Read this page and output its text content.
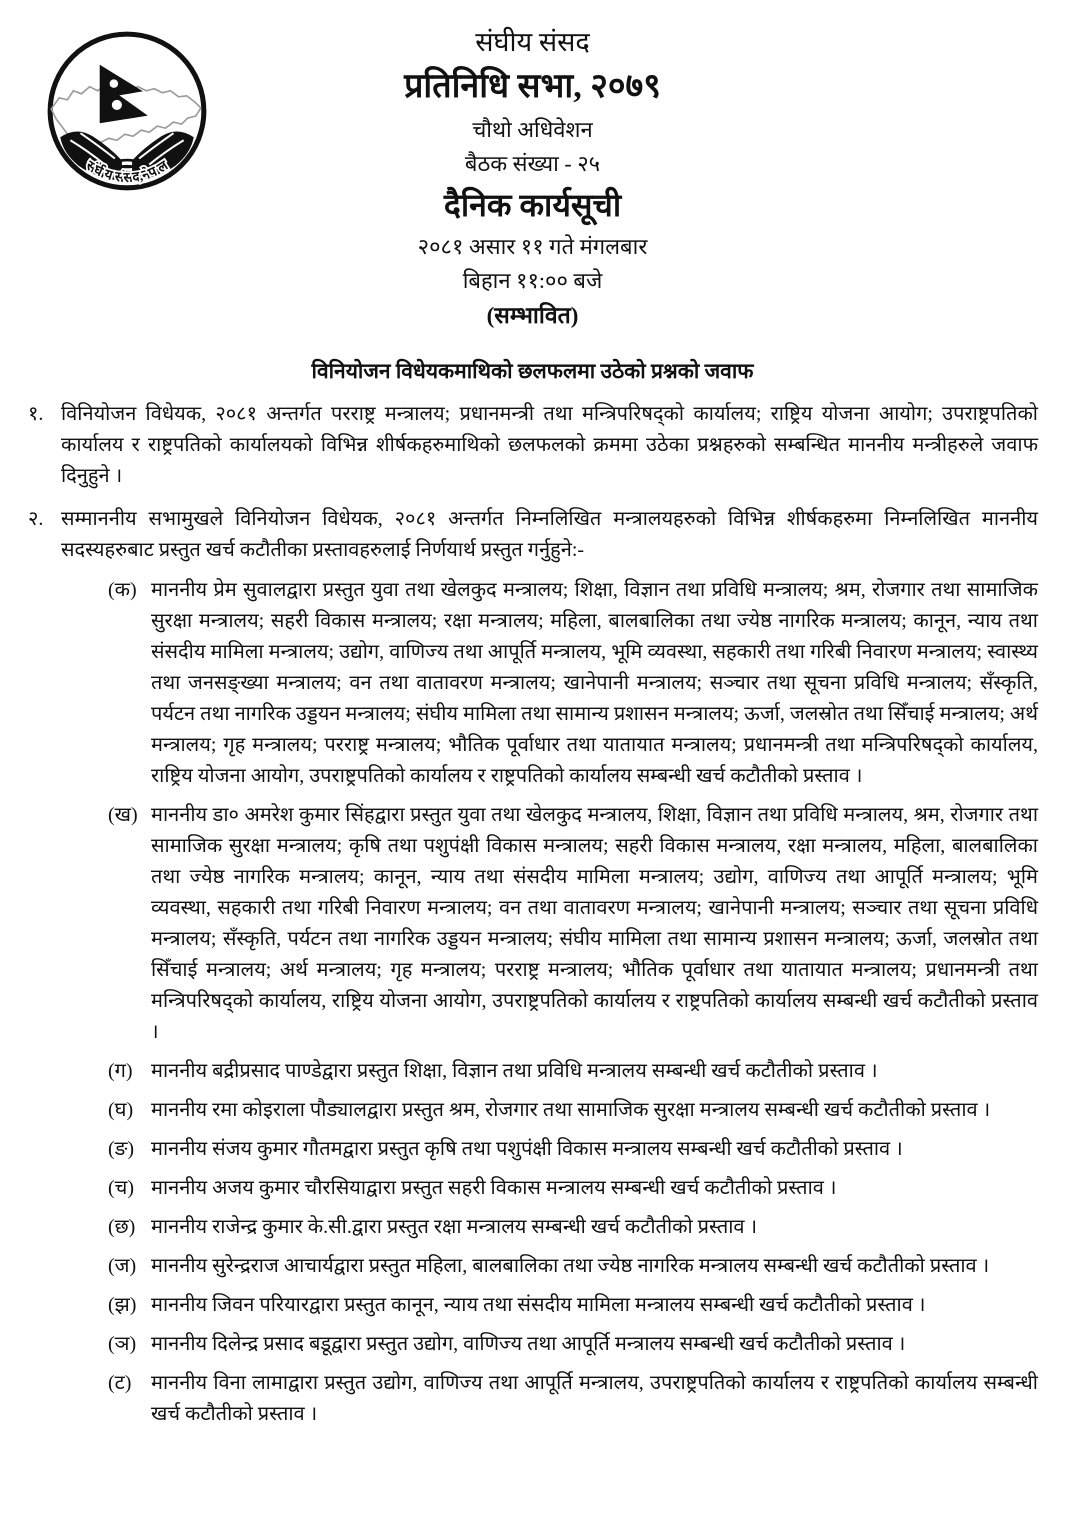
संघीय संसद,नेपाल
संघीय संसद
प्रतिनिधि सभा, २०७९
चौथो अधिवेशन
बैठक संख्या - २५
दैनिक कार्यसूची
२०८१ असार ११ गते मंगलबार
बिहान ११:०० बजे
(सम्भावित)
विनियोजन विधेयकमाथिको छलफलमा उठेको प्रश्नको जवाफ
१. विनियोजन विधेयक, २०८१ अन्तर्गत परराष्ट्र मन्त्रालय; प्रधानमन्त्री तथा मन्त्रिपरिषद्को कार्यालय; राष्ट्रिय योजना आयोग; उपराष्ट्रपतिको कार्यालय र राष्ट्रपतिको कार्यालयको विभिन्न शीर्षकहरुमाथिको छलफलको क्रममा उठेका प्रश्नहरुको सम्बन्धित माननीय मन्त्रीहरुले जवाफ दिनुहुने ।
२. सम्माननीय सभामुखले विनियोजन विधेयक, २०८१ अन्तर्गत निम्नलिखित मन्त्रालयहरुको विभिन्न शीर्षकहरुमा निम्नलिखित माननीय सदस्यहरुबाट प्रस्तुत खर्च कटौतीका प्रस्तावहरुलाई निर्णयार्थ प्रस्तुत गर्नुहुने:-
(क) माननीय प्रेम सुवालद्वारा प्रस्तुत युवा तथा खेलकुद मन्त्रालय; शिक्षा, विज्ञान तथा प्रविधि मन्त्रालय; श्रम, रोजगार तथा सामाजिक सुरक्षा मन्त्रालय; सहरी विकास मन्त्रालय; रक्षा मन्त्रालय; महिला, बालबालिका तथा ज्येष्ठ नागरिक मन्त्रालय; कानून, न्याय तथा संसदीय मामिला मन्त्रालय; उद्योग, वाणिज्य तथा आपूर्ति मन्त्रालय, भूमि व्यवस्था, सहकारी तथा गरिबी निवारण मन्त्रालय; स्वास्थ्य तथा जनसङ्ख्या मन्त्रालय; वन तथा वातावरण मन्त्रालय; खानेपानी मन्त्रालय; सञ्चार तथा सूचना प्रविधि मन्त्रालय; सँस्कृति, पर्यटन तथा नागरिक उड्डयन मन्त्रालय; संघीय मामिला तथा सामान्य प्रशासन मन्त्रालय; ऊर्जा, जलस्रोत तथा सिँचाई मन्त्रालय; अर्थ मन्त्रालय; गृह मन्त्रालय; परराष्ट्र मन्त्रालय; भौतिक पूर्वाधार तथा यातायात मन्त्रालय; प्रधानमन्त्री तथा मन्त्रिपरिषद्को कार्यालय, राष्ट्रिय योजना आयोग, उपराष्ट्रपतिको कार्यालय र राष्ट्रपतिको कार्यालय सम्बन्धी खर्च कटौतीको प्रस्ताव ।
(ख) माननीय डा० अमरेश कुमार सिंहद्वारा प्रस्तुत युवा तथा खेलकुद मन्त्रालय, शिक्षा, विज्ञान तथा प्रविधि मन्त्रालय, श्रम, रोजगार तथा सामाजिक सुरक्षा मन्त्रालय; कृषि तथा पशुपंक्षी विकास मन्त्रालय; सहरी विकास मन्त्रालय, रक्षा मन्त्रालय, महिला, बालबालिका तथा ज्येष्ठ नागरिक मन्त्रालय; कानून, न्याय तथा संसदीय मामिला मन्त्रालय; उद्योग, वाणिज्य तथा आपूर्ति मन्त्रालय; भूमि व्यवस्था, सहकारी तथा गरिबी निवारण मन्त्रालय; वन तथा वातावरण मन्त्रालय; खानेपानी मन्त्रालय; सञ्चार तथा सूचना प्रविधि मन्त्रालय; सँस्कृति, पर्यटन तथा नागरिक उड्डयन मन्त्रालय; संघीय मामिला तथा सामान्य प्रशासन मन्त्रालय; ऊर्जा, जलस्रोत तथा सिँचाई मन्त्रालय; अर्थ मन्त्रालय; गृह मन्त्रालय; परराष्ट्र मन्त्रालय; भौतिक पूर्वाधार तथा यातायात मन्त्रालय; प्रधानमन्त्री तथा मन्त्रिपरिषद्को कार्यालय, राष्ट्रिय योजना आयोग, उपराष्ट्रपतिको कार्यालय र राष्ट्रपतिको कार्यालय सम्बन्धी खर्च कटौतीको प्रस्ताव ।
(ग) माननीय बद्रीप्रसाद पाण्डेद्वारा प्रस्तुत शिक्षा, विज्ञान तथा प्रविधि मन्त्रालय सम्बन्धी खर्च कटौतीको प्रस्ताव ।
(घ) माननीय रमा कोइराला पौड्यालद्वारा प्रस्तुत श्रम, रोजगार तथा सामाजिक सुरक्षा मन्त्रालय सम्बन्धी खर्च कटौतीको प्रस्ताव ।
(ङ) माननीय संजय कुमार गौतमद्वारा प्रस्तुत कृषि तथा पशुपंक्षी विकास मन्त्रालय सम्बन्धी खर्च कटौतीको प्रस्ताव ।
(च) माननीय अजय कुमार चौरसियाद्वारा प्रस्तुत सहरी विकास मन्त्रालय सम्बन्धी खर्च कटौतीको प्रस्ताव ।
(छ) माननीय राजेन्द्र कुमार के.सी.द्वारा प्रस्तुत रक्षा मन्त्रालय सम्बन्धी खर्च कटौतीको प्रस्ताव ।
(ज) माननीय सुरेन्द्रराज आचार्यद्वारा प्रस्तुत महिला, बालबालिका तथा ज्येष्ठ नागरिक मन्त्रालय सम्बन्धी खर्च कटौतीको प्रस्ताव ।
(झ) माननीय जिवन परियारद्वारा प्रस्तुत कानून, न्याय तथा संसदीय मामिला मन्त्रालय सम्बन्धी खर्च कटौतीको प्रस्ताव ।
(ञ) माननीय दिलेन्द्र प्रसाद बडूद्वारा प्रस्तुत उद्योग, वाणिज्य तथा आपूर्ति मन्त्रालय सम्बन्धी खर्च कटौतीको प्रस्ताव ।
(ट) माननीय विना लामाद्वारा प्रस्तुत उद्योग, वाणिज्य तथा आपूर्ति मन्त्रालय, उपराष्ट्रपतिको कार्यालय र राष्ट्रपतिको कार्यालय सम्बन्धी खर्च कटौतीको प्रस्ताव ।
